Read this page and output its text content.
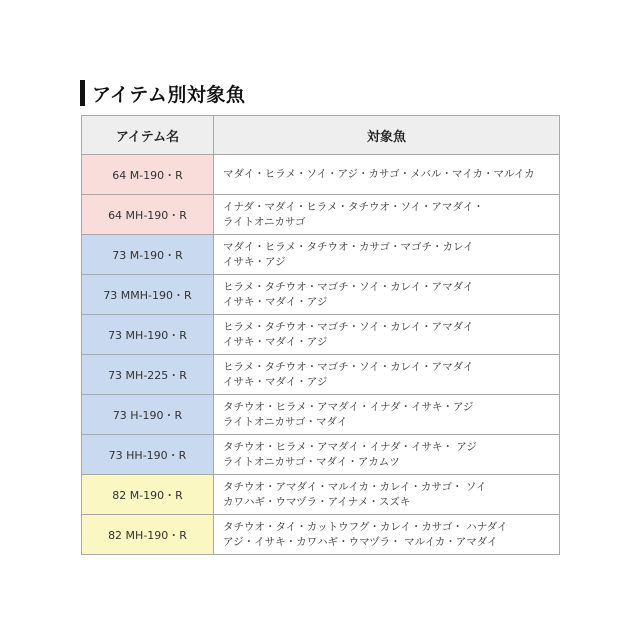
アイテム別対象魚
アイテム名	対象魚
64 M-190・R	マダイ・ヒラメ・ソイ・アジ・カサゴ・メバル・マイカ・マルイカ

64 MH-190・R	イナダ・マダイ・ヒラメ・タチウオ・ソイ・アマダイ・
ライトオニカサゴ

73 M-190・R	マダイ・ヒラメ・タチウオ・カサゴ・マゴチ・カレイ
イサキ・アジ

73 MMH-190・R	ヒラメ・タチウオ・マゴチ・ソイ・カレイ・アマダイ
イサキ・マダイ・アジ

73 MH-190・R	ヒラメ・タチウオ・マゴチ・ソイ・カレイ・アマダイ
イサキ・マダイ・アジ

73 MH-225・R	ヒラメ・タチウオ・マゴチ・ソイ・カレイ・アマダイ
イサキ・マダイ・アジ

73 H-190・R	タチウオ・ヒラメ・アマダイ・イナダ・イサキ・アジ
ライトオニカサゴ・マダイ

73 HH-190・R	タチウオ・ヒラメ・アマダイ・イナダ・イサキ・ アジ
ライトオニカサゴ・マダイ・アカムツ

82 M-190・R	タチウオ・アマダイ・マルイカ・カレイ・カサゴ・ ソイ
カワハギ・ウマヅラ・アイナメ・スズキ

82 MH-190・R	タチウオ・タイ・カットウフグ・カレイ・カサゴ・ ハナダイ
アジ・イサキ・カワハギ・ウマヅラ・ マルイカ・アマダイ
